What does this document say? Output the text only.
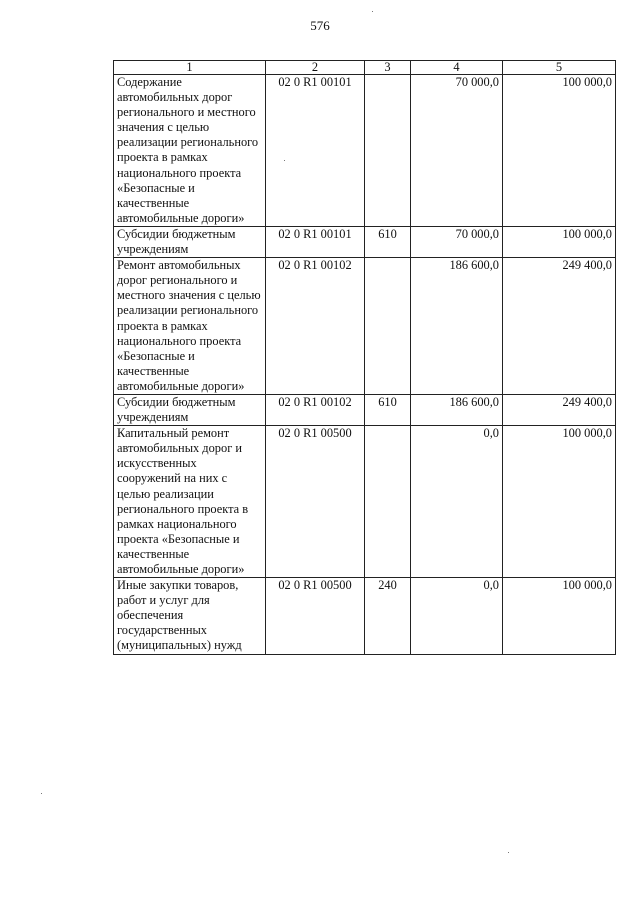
576
1	2	3	4	5
Содержание автомобильных дорог регионального и местного значения с целью реализации регионального проекта в рамках национального проекта «Безопасные и качественные автомобильные дороги»	02 0 R1 00101		70 000,0	100 000,0
Субсидии бюджетным учреждениям	02 0 R1 00101	610	70 000,0	100 000,0
Ремонт автомобильных дорог регионального и местного значения с целью реализации регионального проекта в рамках национального проекта «Безопасные и качественные автомобильные дороги»	02 0 R1 00102		186 600,0	249 400,0
Субсидии бюджетным учреждениям	02 0 R1 00102	610	186 600,0	249 400,0
Капитальный ремонт автомобильных дорог и искусственных сооружений на них с целью реализации регионального проекта в рамках национального проекта «Безопасные и качественные автомобильные дороги»	02 0 R1 00500		0,0	100 000,0
Иные закупки товаров, работ и услуг для обеспечения государственных (муниципальных) нужд	02 0 R1 00500	240	0,0	100 000,0
